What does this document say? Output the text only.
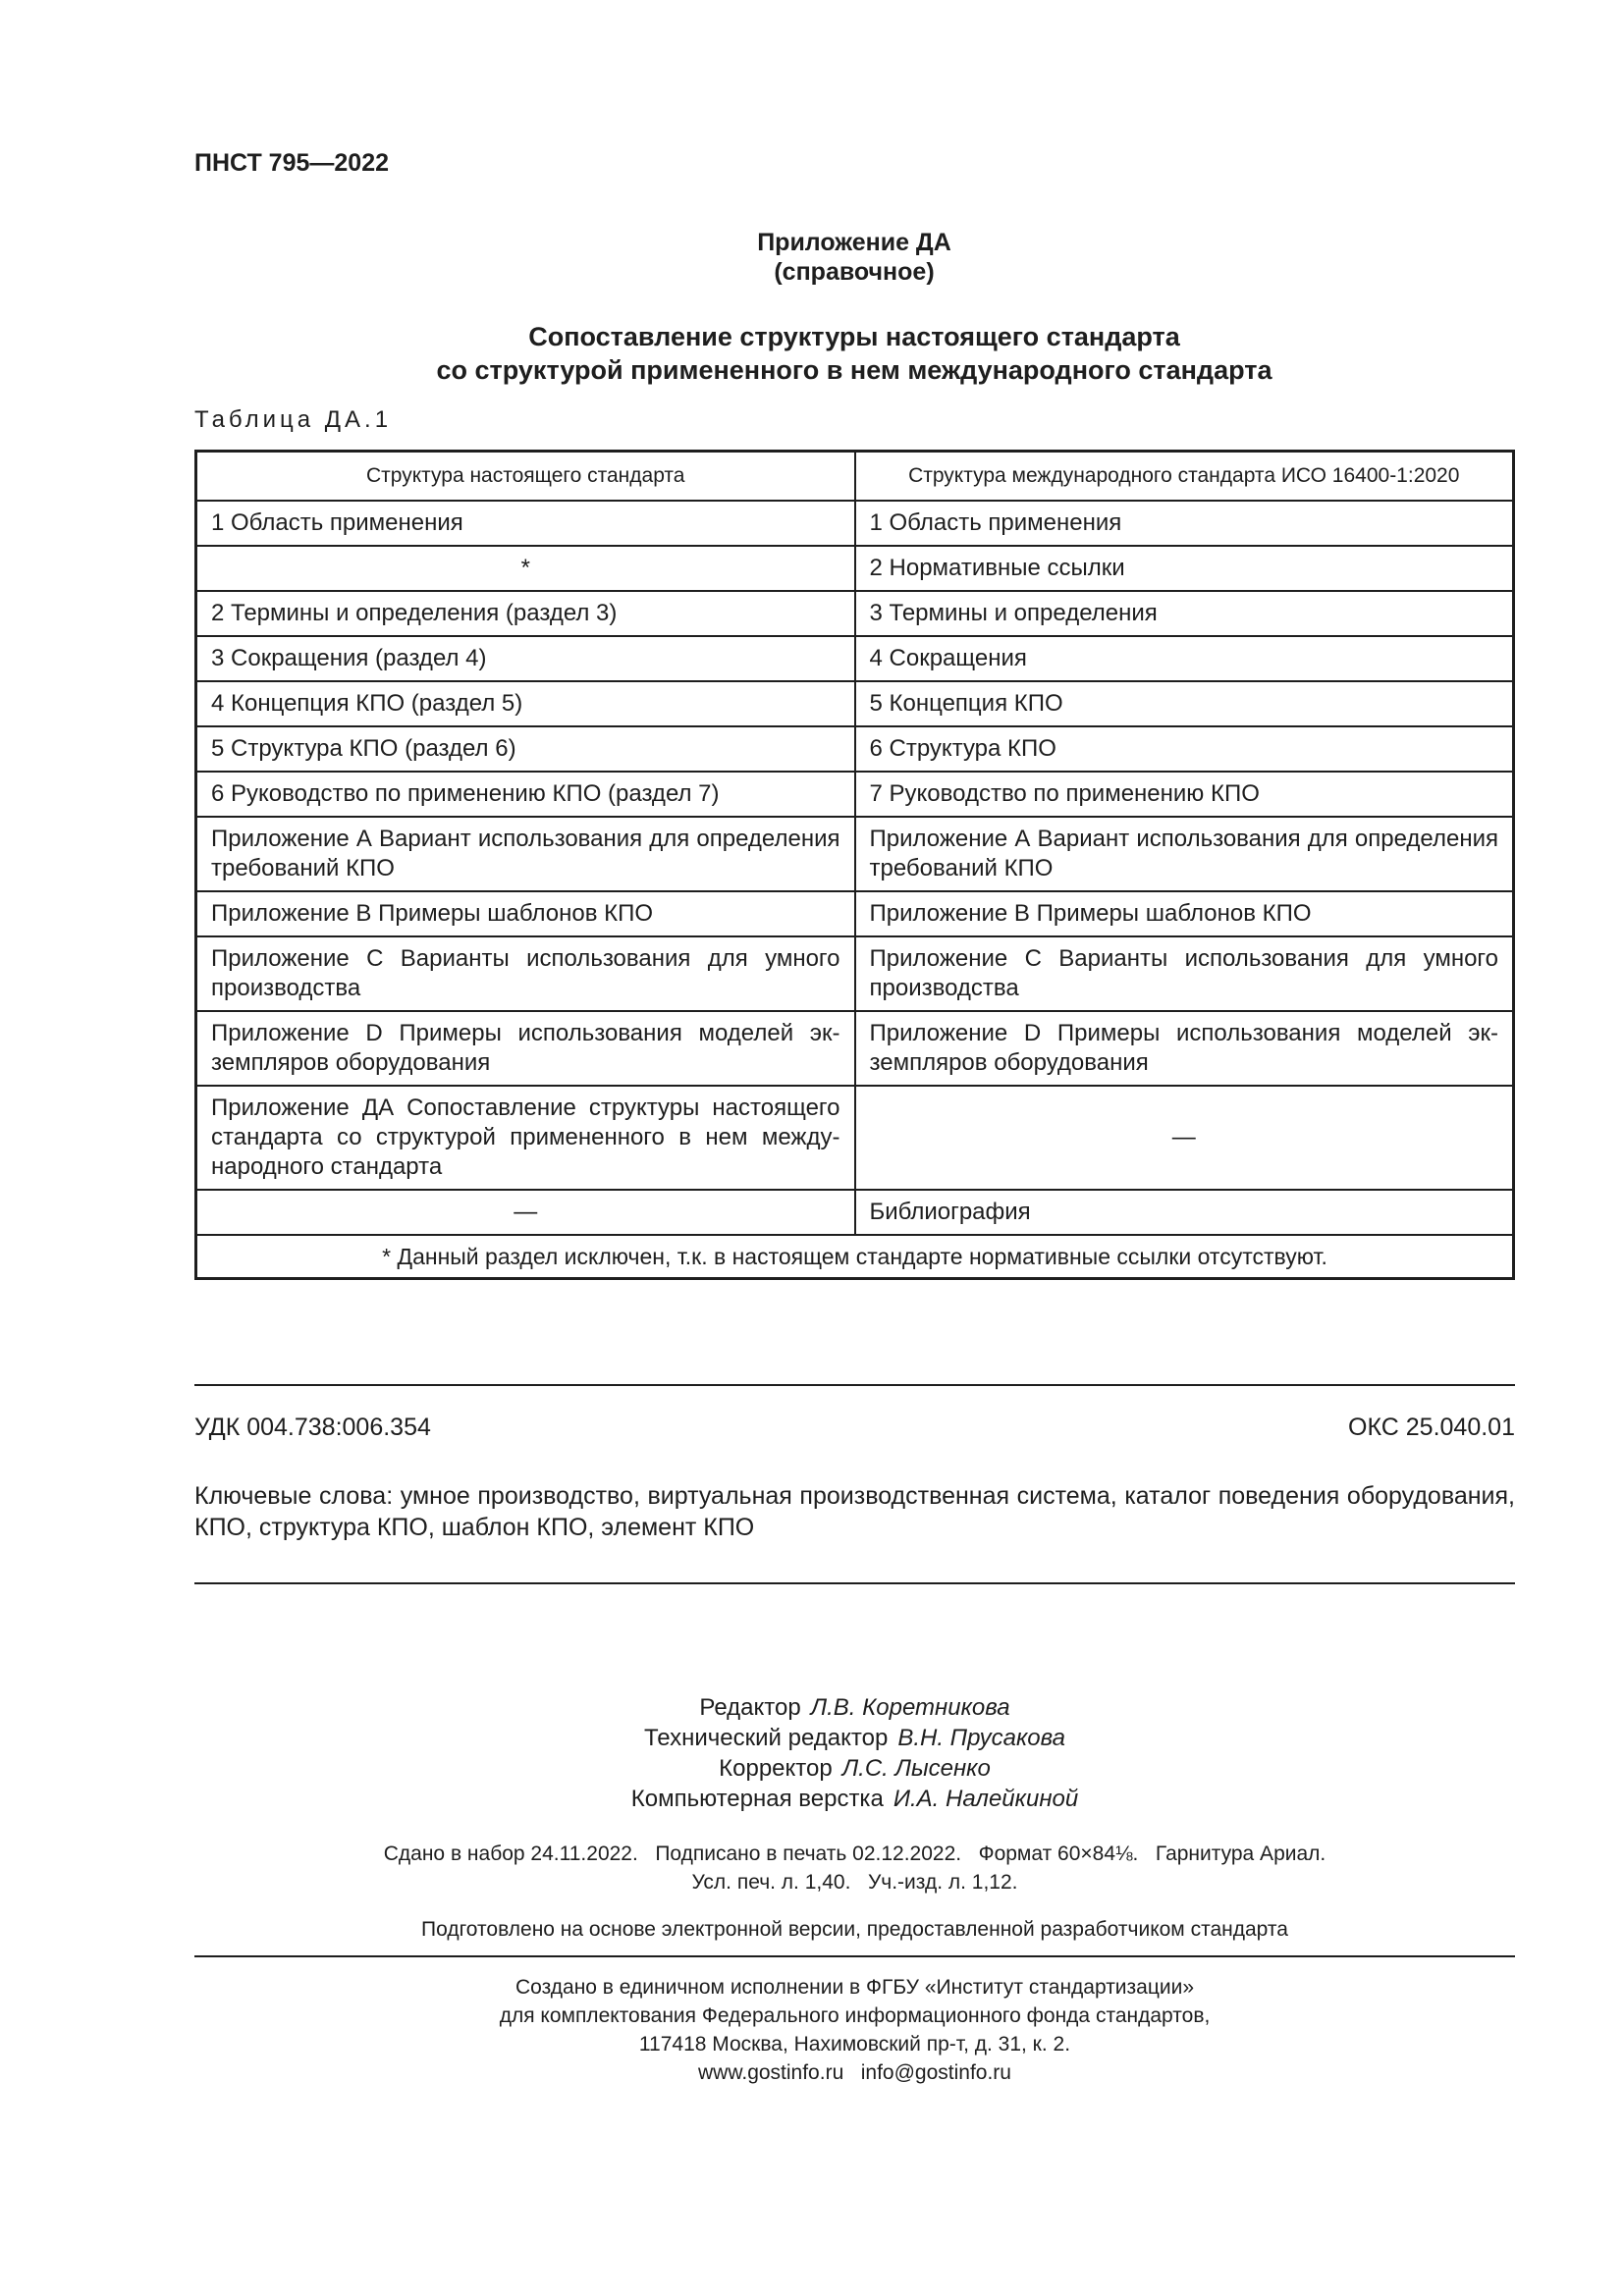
ПНСТ 795—2022
Приложение ДА
(справочное)
Сопоставление структуры настоящего стандарта
со структурой примененного в нем международного стандарта
Таблица ДА.1
Структура настоящего стандарта	Структура международного стандарта ИСО 16400-1:2020
1 Область применения	1 Область применения
*	2 Нормативные ссылки
2 Термины и определения (раздел 3)	3 Термины и определения
3 Сокращения (раздел 4)	4 Сокращения
4 Концепция КПО (раздел 5)	5 Концепция КПО
5 Структура КПО (раздел 6)	6 Структура КПО
6 Руководство по применению КПО (раздел 7)	7 Руководство по применению КПО
Приложение А Вариант использования для определения требований КПО	Приложение А Вариант использования для определения требований КПО
Приложение В Примеры шаблонов КПО	Приложение В Примеры шаблонов КПО
Приложение С Варианты использования для умного производства	Приложение С Варианты использования для умного производства
Приложение D Примеры использования моделей экземпляров оборудования	Приложение D Примеры использования моделей экземпляров оборудования
Приложение ДА Сопоставление структуры настоящего стандарта со структурой примененного в нем международного стандарта	—
—	Библиография
* Данный раздел исключен, т.к. в настоящем стандарте нормативные ссылки отсутствуют.	
УДК 004.738:006.354	ОКС 25.040.01
Ключевые слова: умное производство, виртуальная производственная система, каталог поведения оборудования, КПО, структура КПО, шаблон КПО, элемент КПО
Редактор Л.В. Коретникова
Технический редактор В.Н. Прусакова
Корректор Л.С. Лысенко
Компьютерная верстка И.А. Налейкиной
Сдано в набор 24.11.2022.   Подписано в печать 02.12.2022.   Формат 60×84⅛.   Гарнитура Ариал.
Усл. печ. л. 1,40.   Уч.-изд. л. 1,12.
Подготовлено на основе электронной версии, предоставленной разработчиком стандарта
Создано в единичном исполнении в ФГБУ «Институт стандартизации»
для комплектования Федерального информационного фонда стандартов,
117418 Москва, Нахимовский пр-т, д. 31, к. 2.
www.gostinfo.ru   info@gostinfo.ru
